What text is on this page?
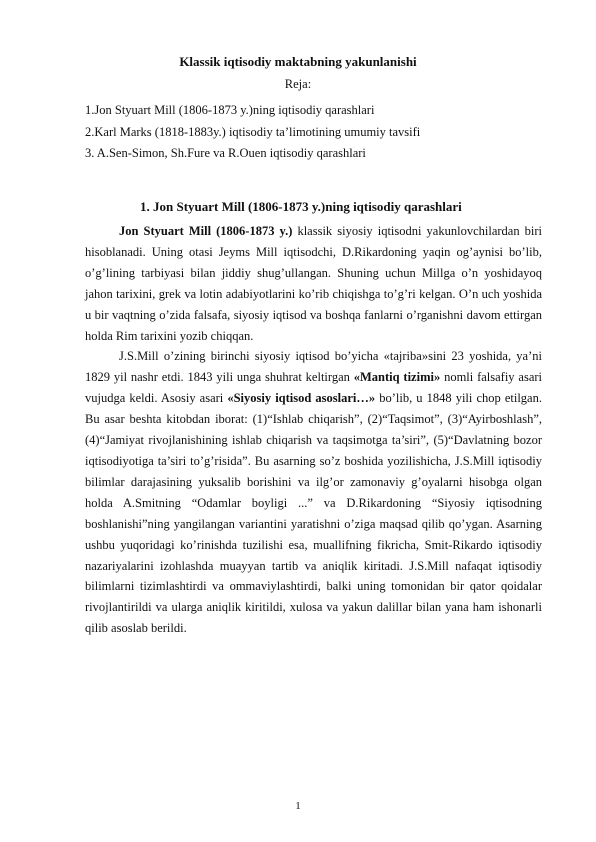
Klassik iqtisodiy maktabning yakunlanishi
Reja:
1.Jon Styuart Mill (1806-1873 y.)ning iqtisodiy qarashlari
2.Karl Marks (1818-1883y.) iqtisodiy ta’limotining umumiy tavsifi
3. A.Sen-Simon, Sh.Fure va R.Ouen iqtisodiy qarashlari
1. Jon Styuart Mill (1806-1873 y.)ning iqtisodiy qarashlari

Jon Styuart Mill (1806-1873 y.) klassik siyosiy iqtisodni yakunlovchilardan biri hisoblanadi. Uning otasi Jeyms Mill iqtisodchi, D.Rikardoning yaqin og’aynisi bo’lib, o’g’lining tarbiyasi bilan jiddiy shug’ullangan. Shuning uchun Millga o’n yoshidayoq jahon tarixini, grek va lotin adabiyotlarini ko’rib chiqishga to’g’ri kelgan. O’n uch yoshida u bir vaqtning o’zida falsafa, siyosiy iqtisod va boshqa fanlarni o’rganishni davom ettirgan holda Rim tarixini yozib chiqqan.

J.S.Mill o’zining birinchi siyosiy iqtisod bo’yicha «tajriba»sini 23 yoshida, ya’ni 1829 yil nashr etdi. 1843 yili unga shuhrat keltirgan «Mantiq tizimi» nomli falsafiy asari vujudga keldi. Asosiy asari «Siyosiy iqtisod asoslari…» bo’lib, u 1848 yili chop etilgan. Bu asar beshta kitobdan iborat: (1)“Ishlab chiqarish”, (2)“Taqsimot”, (3)“Ayirboshlash”, (4)“Jamiyat rivojlanishining ishlab chiqarish va taqsimotga ta’siri”, (5)“Davlatning bozor iqtisodiyotiga ta’siri to’g’risida”. Bu asarning so’z boshida yozilishicha, J.S.Mill iqtisodiy bilimlar darajasining yuksalib borishini va ilg’or zamonaviy g’oyalarni hisobga olgan holda A.Smitning “Odamlar boyligi ...” va D.Rikardoning “Siyosiy iqtisodning boshlanishi”ning yangilangan variantini yaratishni o’ziga maqsad qilib qo’ygan. Asarning ushbu yuqoridagi ko’rinishda tuzilishi esa, muallifning fikricha, Smit-Rikardo iqtisodiy nazariyalarini izohlashda muayyan tartib va aniqlik kiritadi. J.S.Mill nafaqat iqtisodiy bilimlarni tizimlashtirdi va ommaviylashtirdi, balki uning tomonidan bir qator qoidalar rivojlantirildi va ularga aniqlik kiritildi, xulosa va yakun dalillar bilan yana ham ishonarli qilib asoslab berildi.

1
